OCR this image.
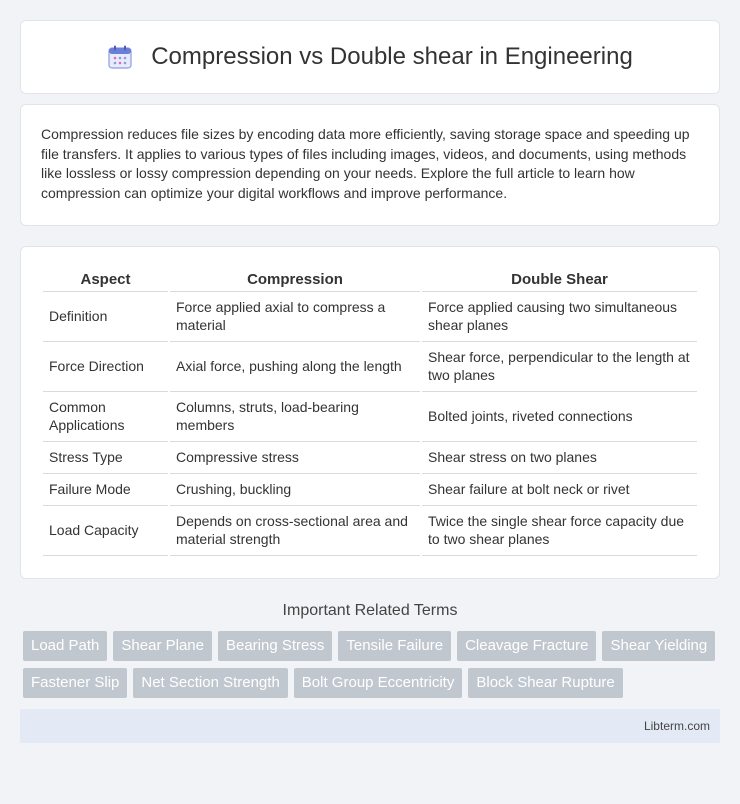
Compression vs Double shear in Engineering

Compression reduces file sizes by encoding data more efficiently, saving storage space and speeding up file transfers. It applies to various types of files including images, videos, and documents, using methods like lossless or lossy compression depending on your needs. Explore the full article to learn how compression can optimize your digital workflows and improve performance.

Aspect	Compression	Double Shear
Definition	Force applied axial to compress a material	Force applied causing two simultaneous shear planes
Force Direction	Axial force, pushing along the length	Shear force, perpendicular to the length at two planes
Common Applications	Columns, struts, load-bearing members	Bolted joints, riveted connections
Stress Type	Compressive stress	Shear stress on two planes
Failure Mode	Crushing, buckling	Shear failure at bolt neck or rivet
Load Capacity	Depends on cross-sectional area and material strength	Twice the single shear force capacity due to two shear planes
Important Related Terms
Load Path	Shear Plane	Bearing Stress	Tensile Failure	Cleavage Fracture	Shear Yielding
Fastener Slip	Net Section Strength	Bolt Group Eccentricity	Block Shear Rupture
Libterm.com
